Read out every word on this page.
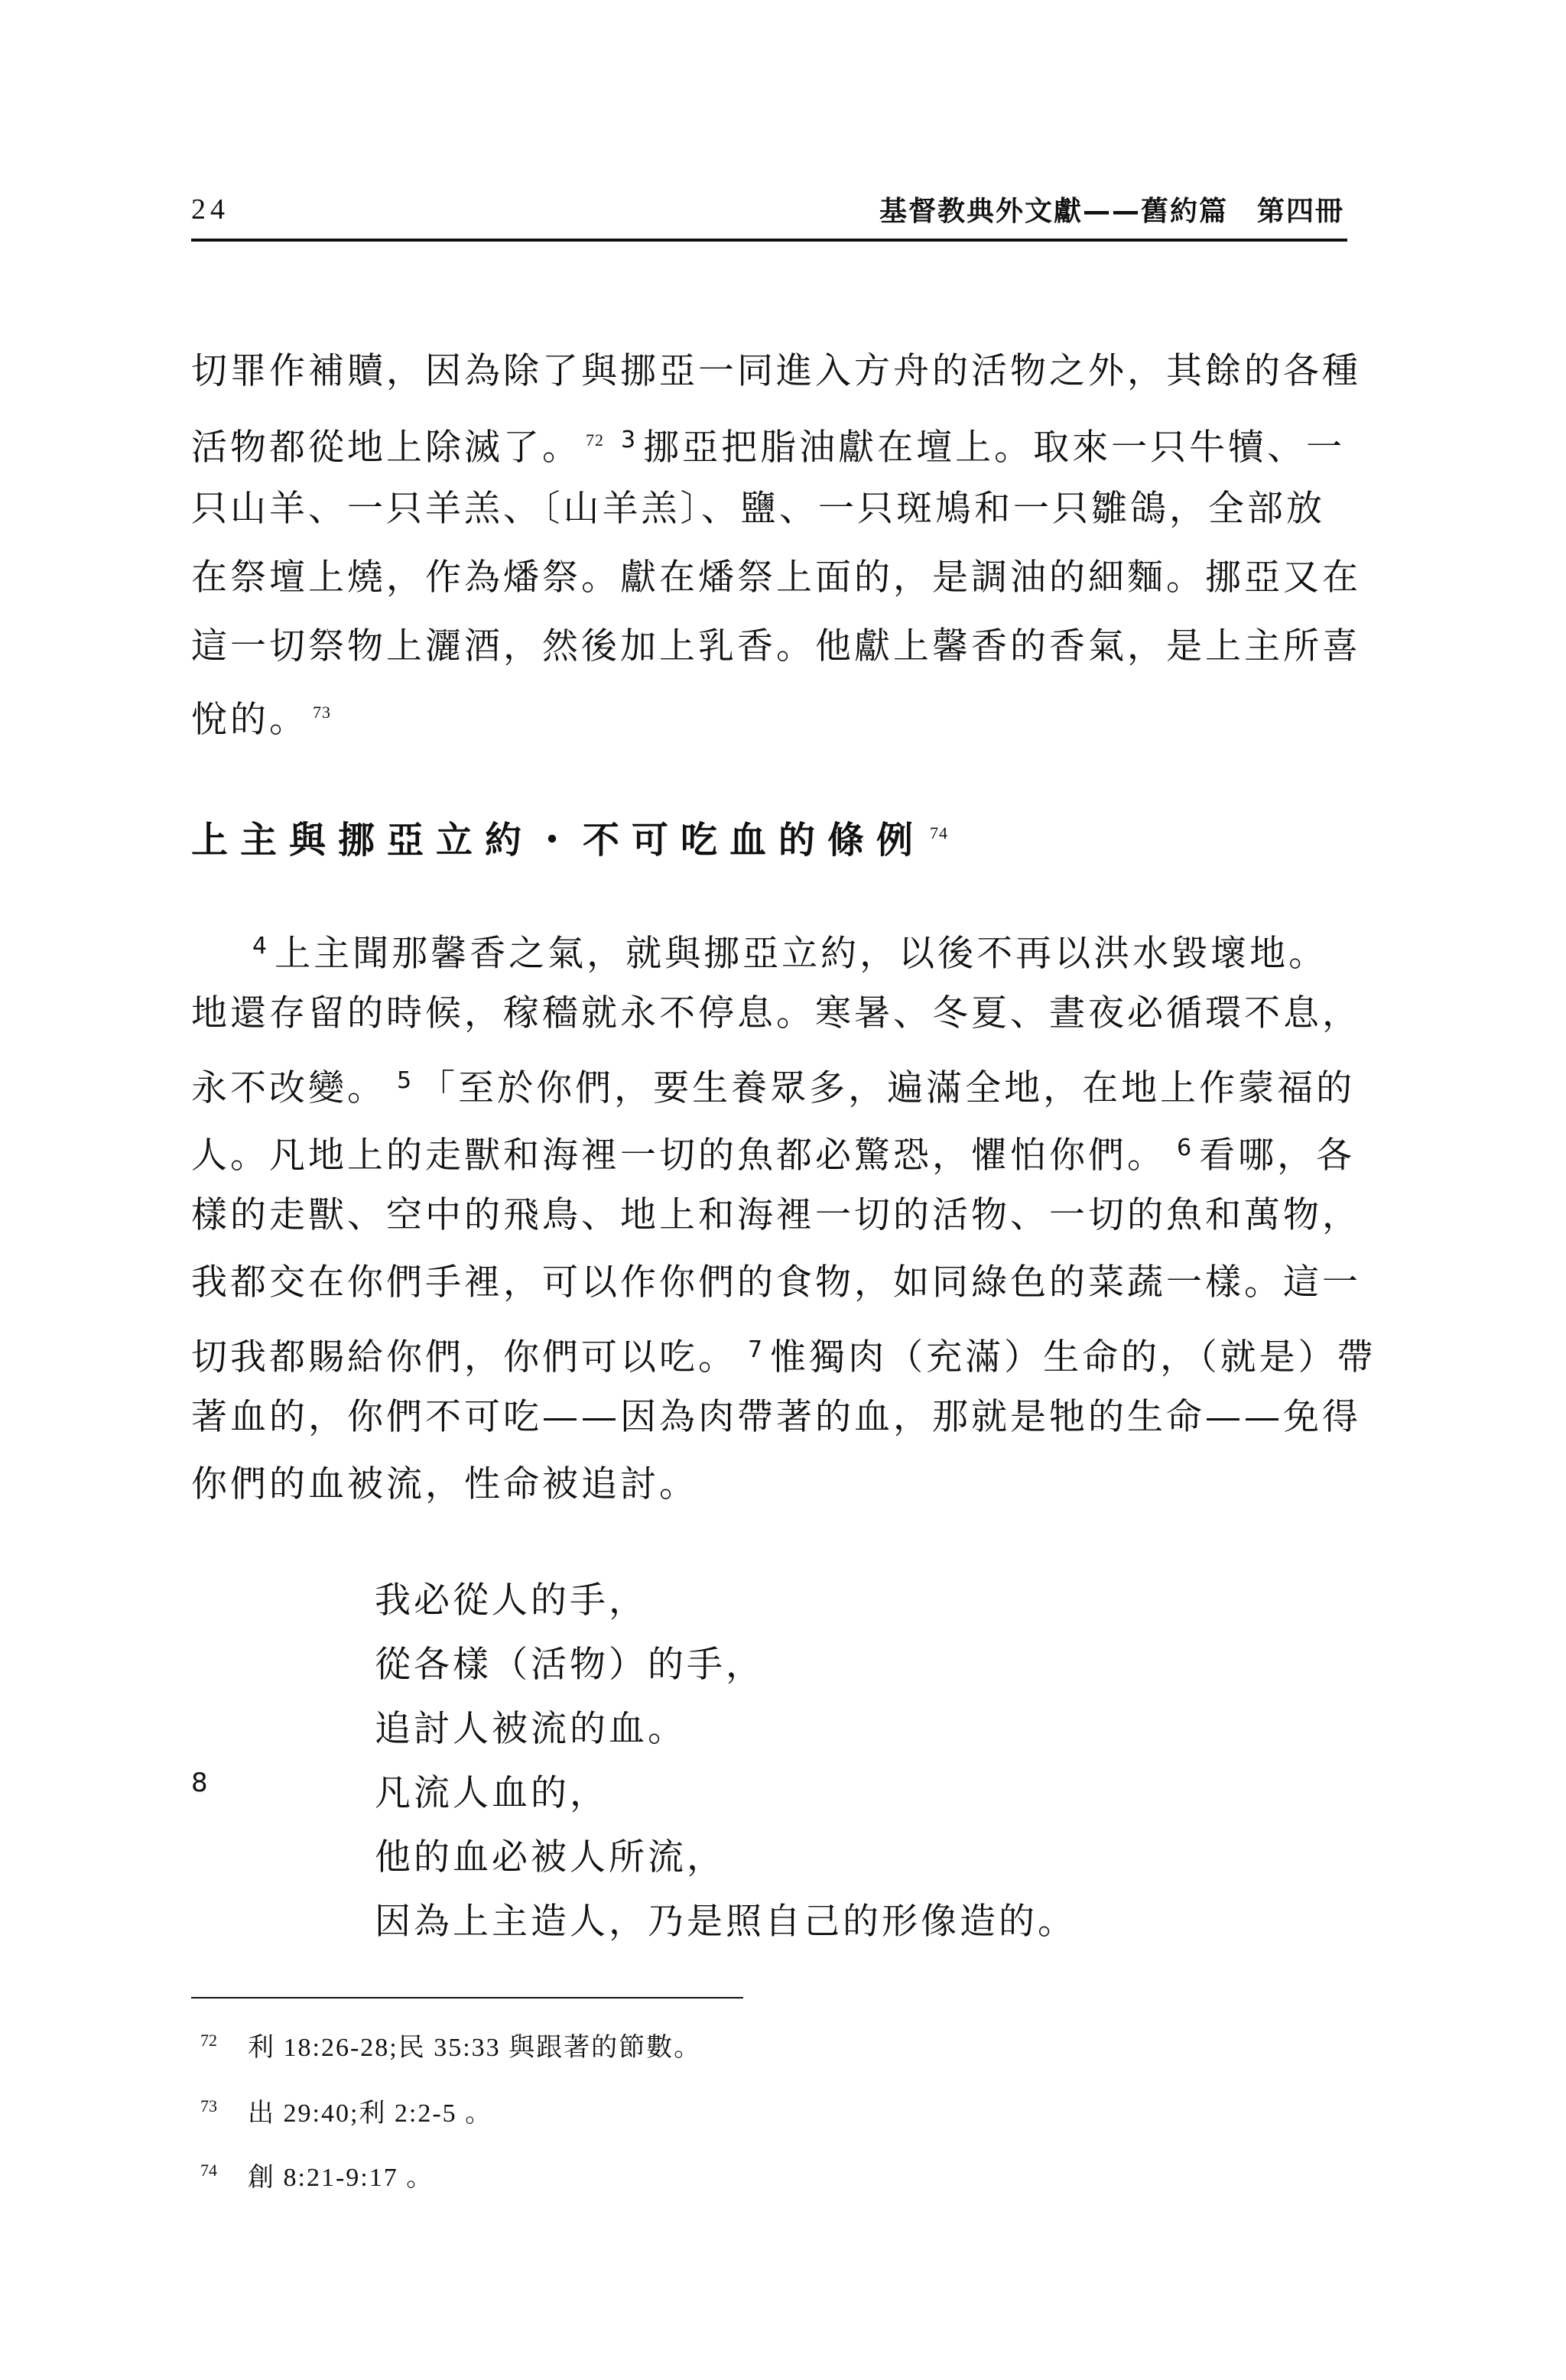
24	基督教典外文獻——舊約篇　第四冊
切罪作補贖，因為除了與挪亞一同進入方舟的活物之外，其餘的各種
活物都從地上除滅了。 $^{72}$ $^3$ 挪亞把脂油獻在壇上。取來一只牛犢、一
只山羊、一只羊羔、〔山羊羔〕、鹽、一只斑鳩和一只雛鴿，全部放
在祭壇上燒，作為燔祭。獻在燔祭上面的，是調油的細麵。挪亞又在
這一切祭物上灑酒，然後加上乳香。他獻上馨香的香氣，是上主所喜
悅的。 $^{73}$
上主與挪亞立約・不可吃血的條例 $^{74}$
$^4$ 上主聞那馨香之氣，就與挪亞立約，以後不再以洪水毀壞地。
地還存留的時候，稼穡就永不停息。寒暑、冬夏、晝夜必循環不息，
永不改變。 $^5$ 「至於你們，要生養眾多，遍滿全地，在地上作蒙福的
人。凡地上的走獸和海裡一切的魚都必驚恐，懼怕你們。 $^6$ 看哪，各
樣的走獸、空中的飛鳥、地上和海裡一切的活物、一切的魚和萬物，
我都交在你們手裡，可以作你們的食物，如同綠色的菜蔬一樣。這一
切我都賜給你們，你們可以吃。 $^7$ 惟獨肉（充滿）生命的，（就是）帶
著血的，你們不可吃——因為肉帶著的血，那就是牠的生命——免得
你們的血被流，性命被追討。
我必從人的手，
從各樣（活物）的手，
追討人被流的血。
8	凡流人血的，
他的血必被人所流，
因為上主造人，乃是照自己的形像造的。
72 利 18:26-28;民 35:33 與跟著的節數。
73 出 29:40;利 2:2-5 。
74 創 8:21-9:17 。
